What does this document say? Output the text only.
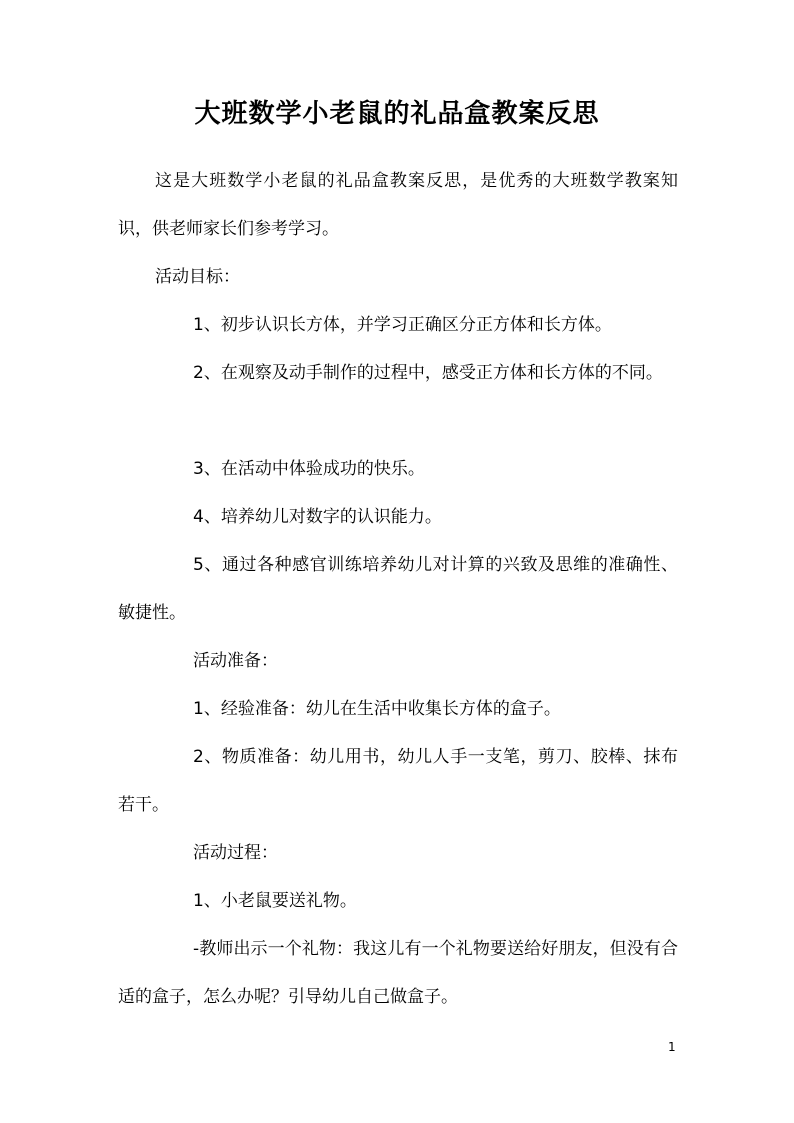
大班数学小老鼠的礼品盒教案反思

这是大班数学小老鼠的礼品盒教案反思，是优秀的大班数学教案知识，供老师家长们参考学习。

活动目标：

1、初步认识长方体，并学习正确区分正方体和长方体。

2、在观察及动手制作的过程中，感受正方体和长方体的不同。

3、在活动中体验成功的快乐。

4、培养幼儿对数字的认识能力。

5、通过各种感官训练培养幼儿对计算的兴致及思维的准确性、敏捷性。

活动准备：

1、经验准备：幼儿在生活中收集长方体的盒子。

2、物质准备：幼儿用书，幼儿人手一支笔，剪刀、胶棒、抹布若干。

活动过程：

1、小老鼠要送礼物。

-教师出示一个礼物：我这儿有一个礼物要送给好朋友，但没有合适的盒子，怎么办呢？引导幼儿自己做盒子。

1
